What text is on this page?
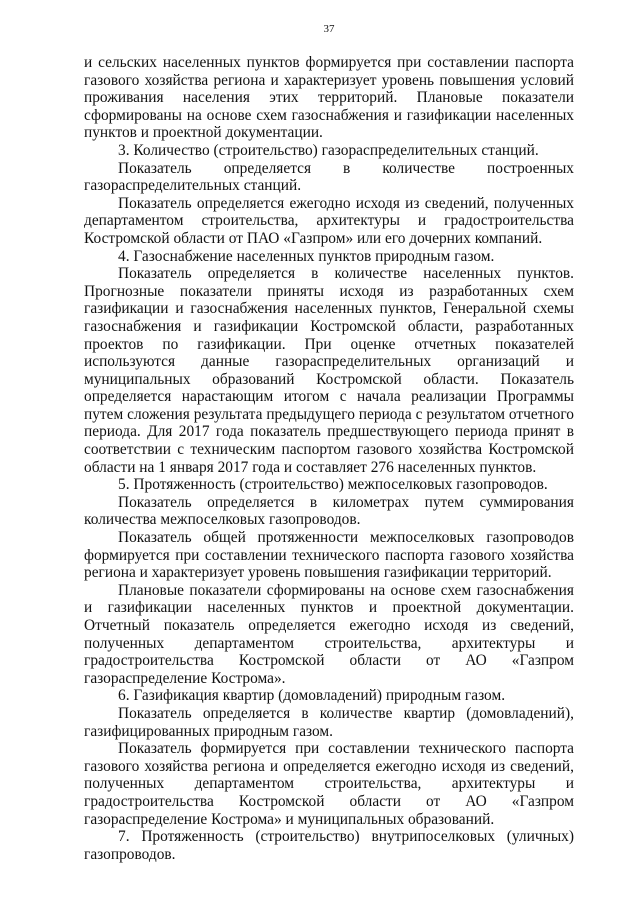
37

и сельских населенных пунктов формируется при составлении паспорта газового хозяйства региона и характеризует уровень повышения условий проживания населения этих территорий. Плановые показатели сформированы на основе схем газоснабжения и газификации населенных пунктов и проектной документации.

3. Количество (строительство) газораспределительных станций.

Показатель определяется в количестве построенных газораспределительных станций.

Показатель определяется ежегодно исходя из сведений, полученных департаментом строительства, архитектуры и градостроительства Костромской области от ПАО «Газпром» или его дочерних компаний.

4. Газоснабжение населенных пунктов природным газом.

Показатель определяется в количестве населенных пунктов. Прогнозные показатели приняты исходя из разработанных схем газификации и газоснабжения населенных пунктов, Генеральной схемы газоснабжения и газификации Костромской области, разработанных проектов по газификации. При оценке отчетных показателей используются данные газораспределительных организаций и муниципальных образований Костромской области. Показатель определяется нарастающим итогом с начала реализации Программы путем сложения результата предыдущего периода с результатом отчетного периода. Для 2017 года показатель предшествующего периода принят в соответствии с техническим паспортом газового хозяйства Костромской области на 1 января 2017 года и составляет 276 населенных пунктов.

5. Протяженность (строительство) межпоселковых газопроводов.

Показатель определяется в километрах путем суммирования количества межпоселковых газопроводов.

Показатель общей протяженности межпоселковых газопроводов формируется при составлении технического паспорта газового хозяйства региона и характеризует уровень повышения газификации территорий.

Плановые показатели сформированы на основе схем газоснабжения и газификации населенных пунктов и проектной документации. Отчетный показатель определяется ежегодно исходя из сведений, полученных департаментом строительства, архитектуры и градостроительства Костромской области от АО «Газпром газораспределение Кострома».

6. Газификация квартир (домовладений) природным газом.

Показатель определяется в количестве квартир (домовладений), газифицированных природным газом.

Показатель формируется при составлении технического паспорта газового хозяйства региона и определяется ежегодно исходя из сведений, полученных департаментом строительства, архитектуры и градостроительства Костромской области от АО «Газпром газораспределение Кострома» и муниципальных образований.

7. Протяженность (строительство) внутрипоселковых (уличных) газопроводов.
